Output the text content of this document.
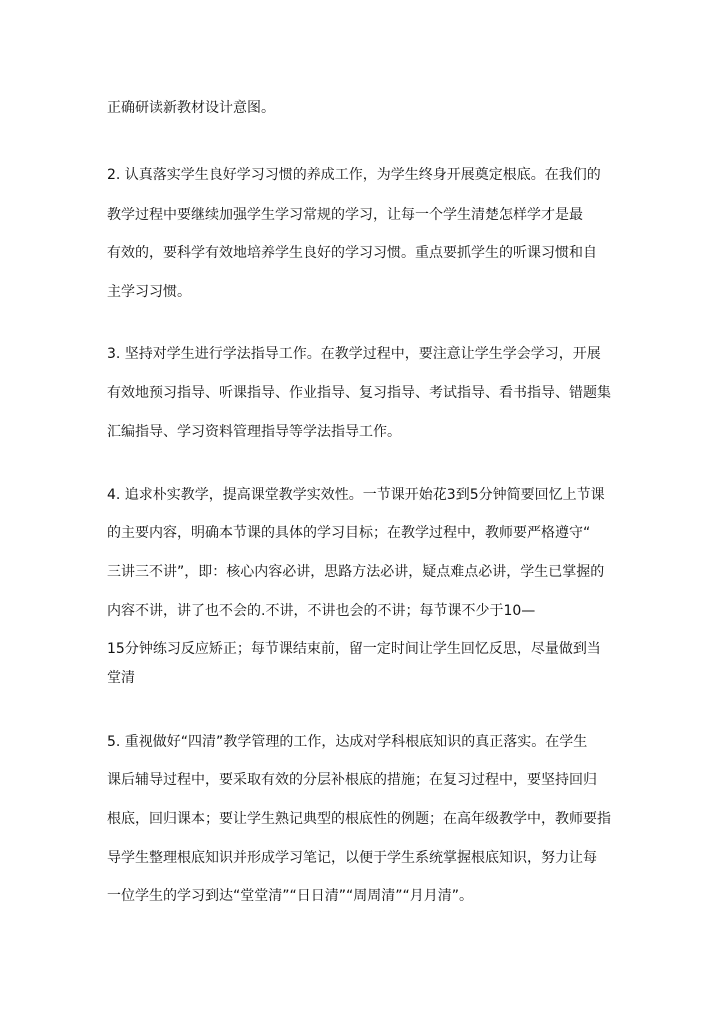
正确研读新教材设计意图。
2. 认真落实学生良好学习习惯的养成工作，为学生终身开展奠定根底。在我们的
教学过程中要继续加强学生学习常规的学习，让每一个学生清楚怎样学才是最
有效的，要科学有效地培养学生良好的学习习惯。重点要抓学生的听课习惯和自
主学习习惯。
3. 坚持对学生进行学法指导工作。在教学过程中，要注意让学生学会学习，开展
有效地预习指导、听课指导、作业指导、复习指导、考试指导、看书指导、错题集
汇编指导、学习资料管理指导等学法指导工作。
4. 追求朴实教学，提高课堂教学实效性。一节课开始花3到5分钟简要回忆上节课
的主要内容，明确本节课的具体的学习目标；在教学过程中，教师要严格遵守“
三讲三不讲”，即：核心内容必讲，思路方法必讲，疑点难点必讲，学生已掌握的
内容不讲，讲了也不会的.不讲，不讲也会的不讲；每节课不少于10—
15分钟练习反应矫正；每节课结束前，留一定时间让学生回忆反思，尽量做到当
堂清
5. 重视做好“四清”教学管理的工作，达成对学科根底知识的真正落实。在学生
课后辅导过程中，要采取有效的分层补根底的措施；在复习过程中，要坚持回归
根底，回归课本；要让学生熟记典型的根底性的例题；在高年级教学中，教师要指
导学生整理根底知识并形成学习笔记，以便于学生系统掌握根底知识，努力让每
一位学生的学习到达“堂堂清”“日日清”“周周清”“月月清”。
